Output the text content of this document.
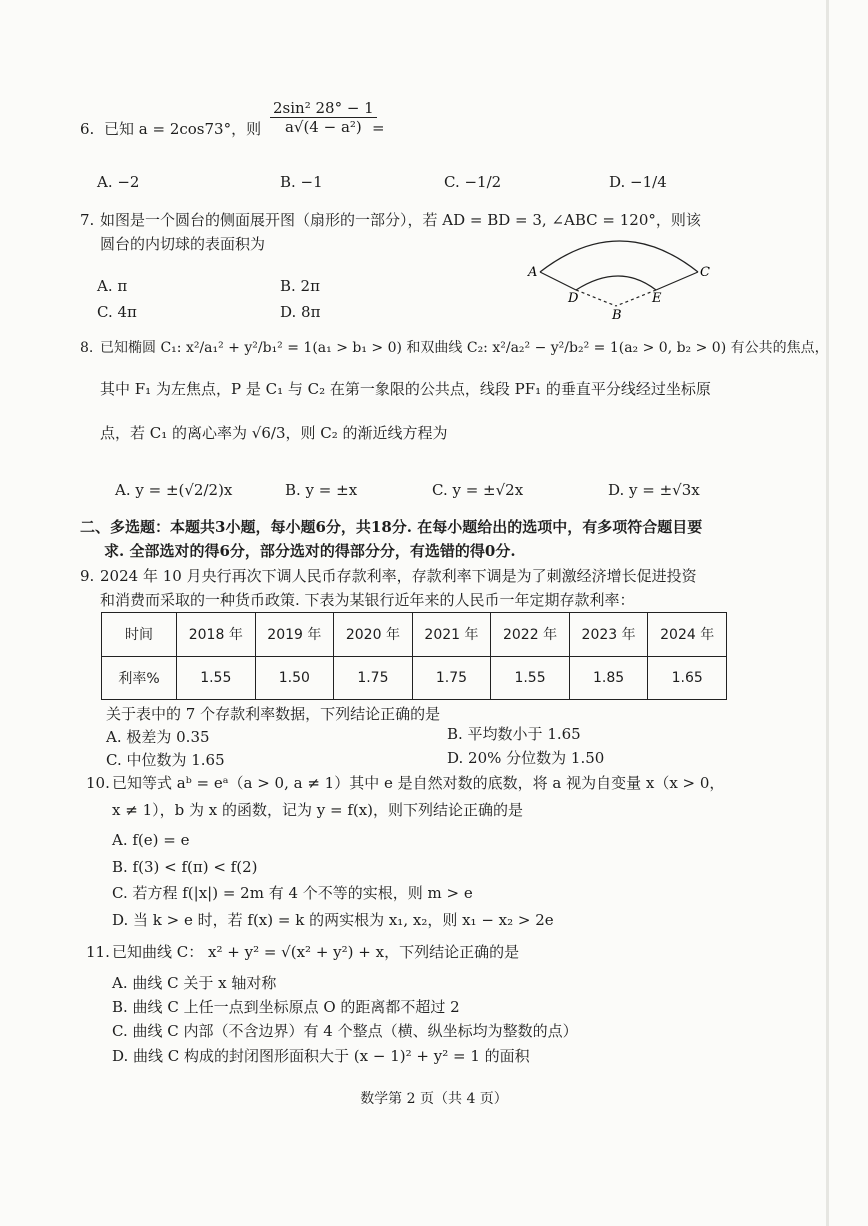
6. 已知 a = 2cos73°，则 $\frac{\text{2sin² 28° − 1}}{\text{a√(4 − a²)}}$
=
A. −2	B. −1	C. −1/2	D. −1/4
7. 如图是一个圆台的侧面展开图（扇形的一部分），若 AD = BD = 3, ∠ABC = 120°，则该
圆台的内切球的表面积为
A. π	B. 2π
C. 4π	D. 8π
A	C
D	E
B
8. 已知椭圆 C₁: x²/a₁² + y²/b₁² = 1(a₁ > b₁ > 0) 和双曲线 C₂: x²/a₂² − y²/b₂² = 1(a₂ > 0, b₂ > 0) 有公共的焦点，
其中 F₁ 为左焦点，P 是 C₁ 与 C₂ 在第一象限的公共点，线段 PF₁ 的垂直平分线经过坐标原
点，若 C₁ 的离心率为 √6/3，则 C₂ 的渐近线方程为
A. y = ±(√2/2)x	B. y = ±x	C. y = ±√2x	D. y = ±√3x
二、多选题：本题共3小题，每小题6分，共18分. 在每小题给出的选项中，有多项符合题目要
求. 全部选对的得6分，部分选对的得部分分，有选错的得0分.
9. 2024 年 10 月央行再次下调人民币存款利率，存款利率下调是为了刺激经济增长促进投资
和消费而采取的一种货币政策. 下表为某银行近年来的人民币一年定期存款利率：
时间	2018 年	2019 年	2020 年	2021 年	2022 年	2023 年	2024 年
利率%	1.55	1.50	1.75	1.75	1.55	1.85	1.65
关于表中的 7 个存款利率数据，下列结论正确的是
A. 极差为 0.35	B. 平均数小于 1.65
C. 中位数为 1.65	D. 20% 分位数为 1.50
10. 已知等式 aᵇ = eᵃ（a > 0, a ≠ 1）其中 e 是自然对数的底数，将 a 视为自变量 x（x > 0，
x ≠ 1），b 为 x 的函数，记为 y = f(x)，则下列结论正确的是
A. f(e) = e
B. f(3) < f(π) < f(2)
C. 若方程 f(|x|) = 2m 有 4 个不等的实根，则 m > e
D. 当 k > e 时，若 f(x) = k 的两实根为 x₁, x₂，则 x₁ − x₂ > 2e
11. 已知曲线 C： x² + y² = √(x² + y²) + x，下列结论正确的是
A. 曲线 C 关于 x 轴对称
B. 曲线 C 上任一点到坐标原点 O 的距离都不超过 2
C. 曲线 C 内部（不含边界）有 4 个整点（横、纵坐标均为整数的点）
D. 曲线 C 构成的封闭图形面积大于 (x − 1)² + y² = 1 的面积
数学第 2 页（共 4 页）
